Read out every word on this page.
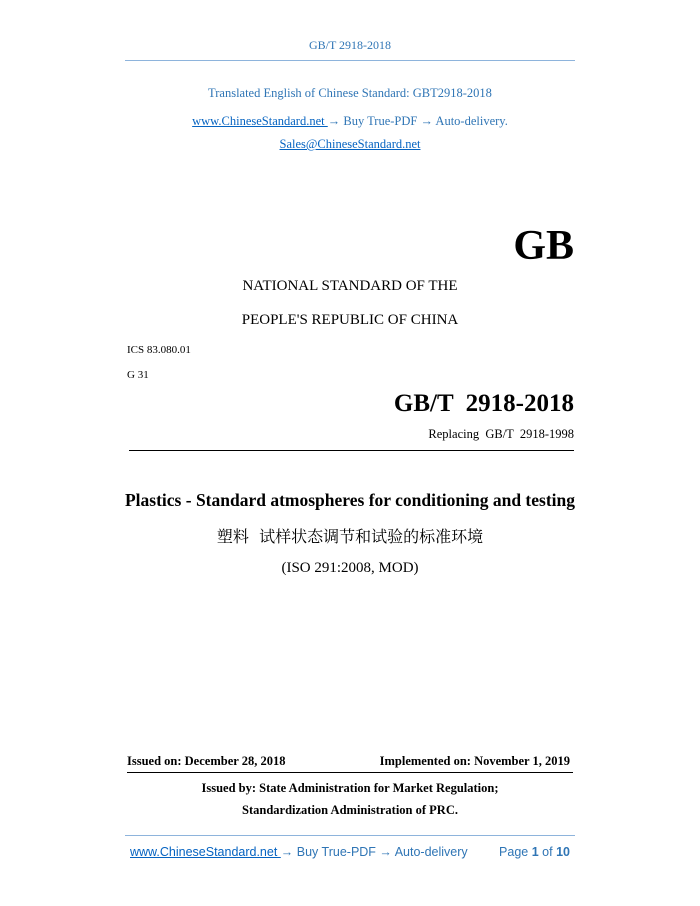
GB/T 2918-2018
Translated English of Chinese Standard: GBT2918-2018
www.ChineseStandard.net → Buy True-PDF → Auto-delivery.
Sales@ChineseStandard.net
GB
NATIONAL STANDARD OF THE
PEOPLE'S REPUBLIC OF CHINA
ICS 83.080.01
G 31
GB/T  2918-2018
Replacing  GB/T  2918-1998
Plastics - Standard atmospheres for conditioning and testing
塑料  试样状态调节和试验的标准环境
(ISO 291:2008, MOD)
Issued on: December 28, 2018	Implemented on: November 1, 2019
Issued by: State Administration for Market Regulation;
Standardization Administration of PRC.
www.ChineseStandard.net → Buy True-PDF → Auto-delivery	Page 1 of 10
